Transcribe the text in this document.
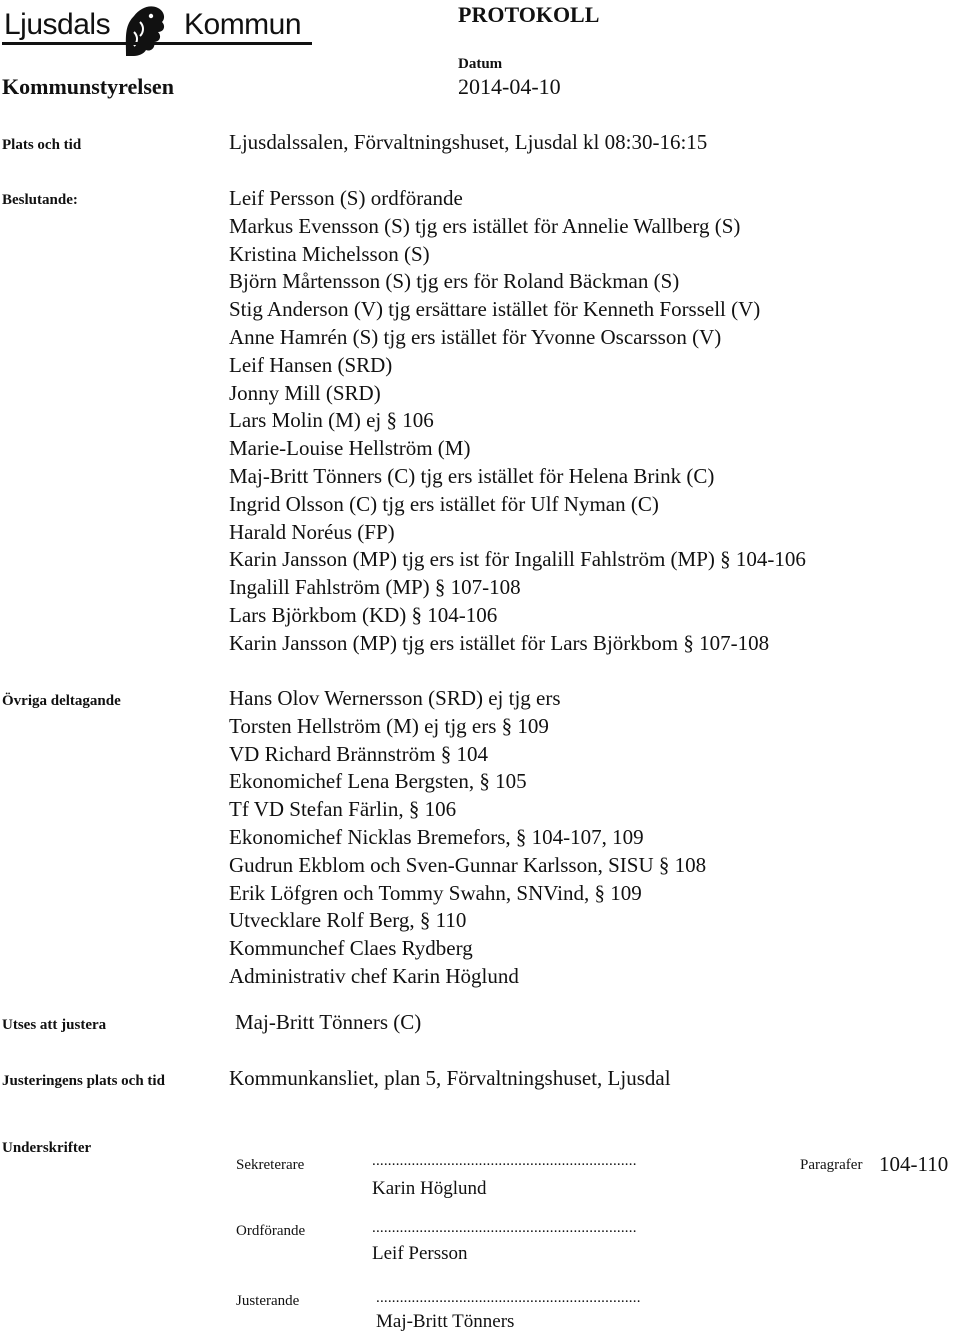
Ljusdals Kommun	PROTOKOLL
Datum
2014-04-10
Kommunstyrelsen
Plats och tid	Ljusdalssalen, Förvaltningshuset, Ljusdal kl 08:30-16:15
Beslutande:	Leif Persson (S) ordförande
Markus Evensson (S) tjg ers istället för Annelie Wallberg (S)
Kristina Michelsson (S)
Björn Mårtensson (S) tjg ers för Roland Bäckman (S)
Stig Anderson (V) tjg ersättare istället för Kenneth Forssell (V)
Anne Hamrén (S) tjg ers istället för Yvonne Oscarsson (V)
Leif Hansen (SRD)
Jonny Mill (SRD)
Lars Molin (M) ej § 106
Marie-Louise Hellström (M)
Maj-Britt Tönners (C) tjg ers istället för Helena Brink (C)
Ingrid Olsson (C) tjg ers istället för Ulf Nyman (C)
Harald Noréus (FP)
Karin Jansson (MP) tjg ers ist för Ingalill Fahlström (MP) § 104-106
Ingalill Fahlström (MP) § 107-108
Lars Björkbom (KD) § 104-106
Karin Jansson (MP) tjg ers istället för Lars Björkbom § 107-108
Övriga deltagande	Hans Olov Wernersson (SRD) ej tjg ers
Torsten Hellström (M) ej tjg ers § 109
VD Richard Brännström § 104
Ekonomichef Lena Bergsten, § 105
Tf VD Stefan Färlin, § 106
Ekonomichef Nicklas Bremefors, § 104-107, 109
Gudrun Ekblom och Sven-Gunnar Karlsson, SISU § 108
Erik Löfgren och Tommy Swahn, SNVind, § 109
Utvecklare Rolf Berg, § 110
Kommunchef Claes Rydberg
Administrativ chef Karin Höglund
Utses att justera	Maj-Britt Tönners (C)
Justeringens plats och tid	Kommunkansliet, plan 5, Förvaltningshuset, Ljusdal
Underskrifter
Sekreterare	...................................................................
Karin Höglund
Paragrafer 104-110
Ordförande	...................................................................
Leif Persson
Justerande	...................................................................
Maj-Britt Tönners
